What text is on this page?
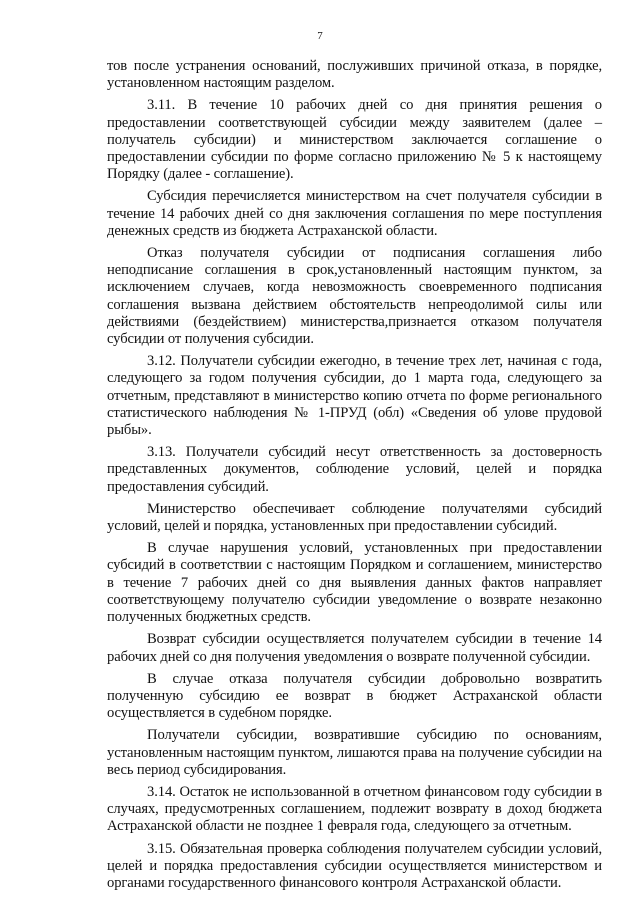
7

тов после устранения оснований, послуживших причиной отказа, в порядке, установленном настоящим разделом.

3.11. В течение 10 рабочих дней со дня принятия решения о предоставлении соответствующей субсидии между заявителем (далее – получатель субсидии) и министерством заключается соглашение о предоставлении субсидии по форме согласно приложению № 5 к настоящему Порядку (далее - соглашение).

Субсидия перечисляется министерством на счет получателя субсидии в течение 14 рабочих дней со дня заключения соглашения по мере поступления денежных средств из бюджета Астраханской области.

Отказ получателя субсидии от подписания соглашения либо неподписание соглашения в срок,установленный настоящим пунктом, за исключением случаев, когда невозможность своевременного подписания соглашения вызвана действием обстоятельств непреодолимой силы или действиями (бездействием) министерства,признается отказом получателя субсидии от получения субсидии.

3.12. Получатели субсидии ежегодно, в течение трех лет, начиная с года, следующего за годом получения субсидии, до 1 марта года, следующего за отчетным, представляют в министерство копию отчета по форме регионального статистического наблюдения № 1-ПРУД (обл) «Сведения об улове прудовой рыбы».

3.13. Получатели субсидий несут ответственность за достоверность представленных документов, соблюдение условий, целей и порядка предоставления субсидий.

Министерство обеспечивает соблюдение получателями субсидий условий, целей и порядка, установленных при предоставлении субсидий.

В случае нарушения условий, установленных при предоставлении субсидий в соответствии с настоящим Порядком и соглашением, министерство в течение 7 рабочих дней со дня выявления данных фактов направляет соответствующему получателю субсидии уведомление о возврате незаконно полученных бюджетных средств.

Возврат субсидии осуществляется получателем субсидии в течение 14 рабочих дней со дня получения уведомления о возврате полученной субсидии.

В случае отказа получателя субсидии добровольно возвратить полученную субсидию ее возврат в бюджет Астраханской области осуществляется в судебном порядке.

Получатели субсидии, возвратившие субсидию по основаниям, установленным настоящим пунктом, лишаются права на получение субсидии на весь период субсидирования.

3.14. Остаток не использованной в отчетном финансовом году субсидии в случаях, предусмотренных соглашением, подлежит возврату в доход бюджета Астраханской области не позднее 1 февраля года, следующего за отчетным.

3.15. Обязательная проверка соблюдения получателем субсидии условий, целей и порядка предоставления субсидии осуществляется министерством и органами государственного финансового контроля Астраханской области.
